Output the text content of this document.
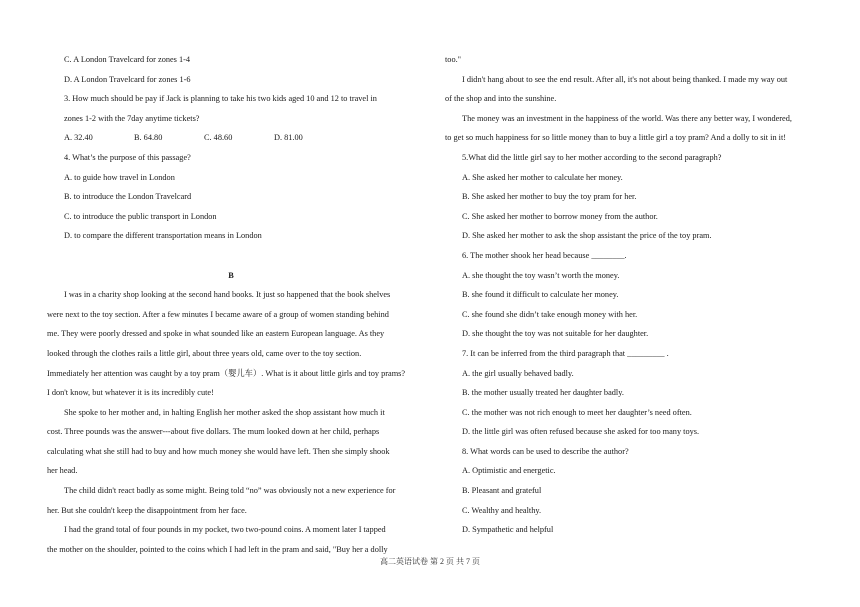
C. A London Travelcard for zones 1-4
D. A London Travelcard for zones 1-6
3. How much should be pay if Jack is planning to take his two kids aged 10 and 12 to travel in
zones 1-2 with the 7day anytime tickets?
A. 32.40	B. 64.80	C. 48.60	D. 81.00
4. What’s the purpose of this passage?
A. to guide how travel in London
B. to introduce the London Travelcard
C. to introduce the public transport in London
D. to compare the different transportation means in London
B
I was in a charity shop looking at the second hand books. It just so happened that the book shelves
were next to the toy section. After a few minutes I became aware of a group of women standing behind
me. They were poorly dressed and spoke in what sounded like an eastern European language. As they
looked through the clothes rails a little girl, about three years old, came over to the toy section.
Immediately her attention was caught by a toy pram（婴儿车）. What is it about little girls and toy prams?
I don't know, but whatever it is its incredibly cute!
She spoke to her mother and, in halting English her mother asked the shop assistant how much it
cost. Three pounds was the answer---about five dollars. The mum looked down at her child, perhaps
calculating what she still had to buy and how much money she would have left. Then she simply shook
her head.
The child didn't react badly as some might. Being told “no” was obviously not a new experience for
her. But she couldn't keep the disappointment from her face.
I had the grand total of four pounds in my pocket, two two-pound coins. A moment later I tapped
the mother on the shoulder, pointed to the coins which I had left in the pram and said, "Buy her a dolly
too."
I didn't hang about to see the end result. After all, it's not about being thanked. I made my way out
of the shop and into the sunshine.
The money was an investment in the happiness of the world. Was there any better way, I wondered,
to get so much happiness for so little money than to buy a little girl a toy pram? And a dolly to sit in it!
5.What did the little girl say to her mother according to the second paragraph?
A. She asked her mother to calculate her money.
B. She asked her mother to buy the toy pram for her.
C. She asked her mother to borrow money from the author.
D. She asked her mother to ask the shop assistant the price of the toy pram.
6. The mother shook her head because ________.
A. she thought the toy wasn’t worth the money.
B. she found it difficult to calculate her money.
C. she found she didn’t take enough money with her.
D. she thought the toy was not suitable for her daughter.
7. It can be inferred from the third paragraph that _________ .
A. the girl usually behaved badly.
B. the mother usually treated her daughter badly.
C. the mother was not rich enough to meet her daughter’s need often.
D. the little girl was often refused because she asked for too many toys.
8. What words can be used to describe the author?
A. Optimistic and energetic.
B. Pleasant and grateful
C. Wealthy and healthy.
D. Sympathetic and helpful
高二英语试卷 第 2 页 共 7 页
